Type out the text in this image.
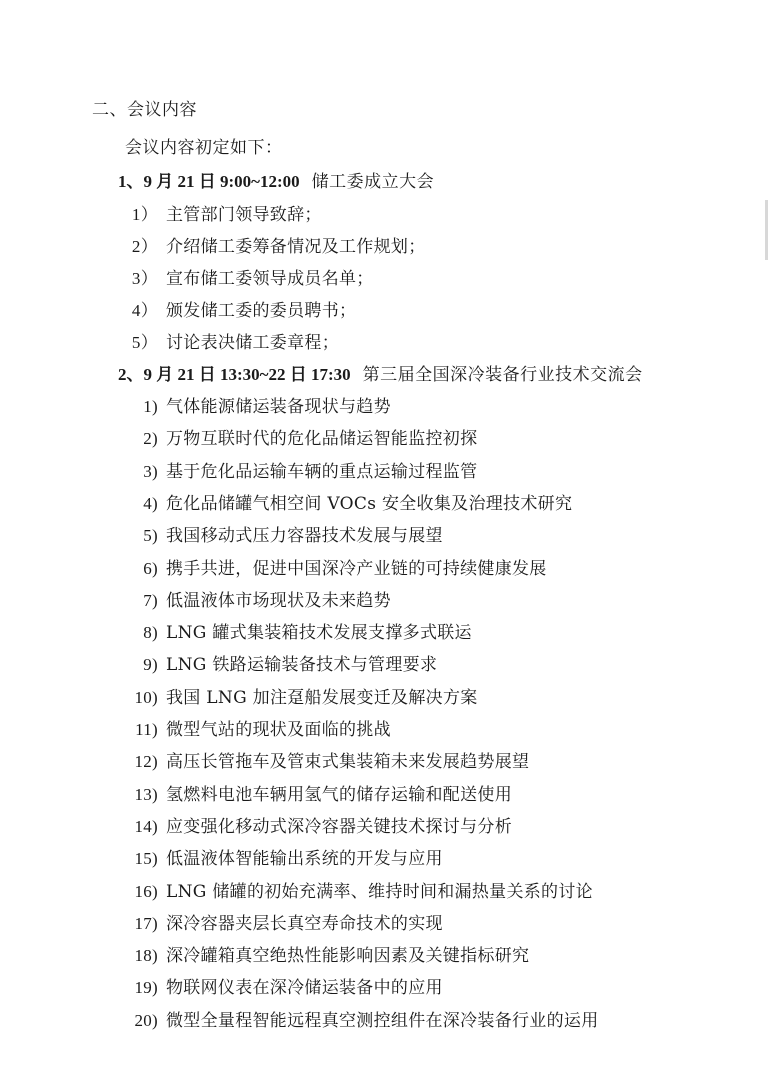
二、会议内容
会议内容初定如下：
1、9 月 21 日 9:00~12:00 储工委成立大会
1） 主管部门领导致辞；
2） 介绍储工委筹备情况及工作规划；
3） 宣布储工委领导成员名单；
4） 颁发储工委的委员聘书；
5） 讨论表决储工委章程；
2、9 月 21 日 13:30~22 日 17:30 第三届全国深冷装备行业技术交流会
1) 气体能源储运装备现状与趋势
2) 万物互联时代的危化品储运智能监控初探
3) 基于危化品运输车辆的重点运输过程监管
4) 危化品储罐气相空间 VOCs 安全收集及治理技术研究
5) 我国移动式压力容器技术发展与展望
6) 携手共进，促进中国深冷产业链的可持续健康发展
7) 低温液体市场现状及未来趋势
8) LNG 罐式集装箱技术发展支撑多式联运
9) LNG 铁路运输装备技术与管理要求
10) 我国 LNG 加注趸船发展变迁及解决方案
11) 微型气站的现状及面临的挑战
12) 高压长管拖车及管束式集装箱未来发展趋势展望
13) 氢燃料电池车辆用氢气的储存运输和配送使用
14) 应变强化移动式深冷容器关键技术探讨与分析
15) 低温液体智能输出系统的开发与应用
16) LNG 储罐的初始充满率、维持时间和漏热量关系的讨论
17) 深冷容器夹层长真空寿命技术的实现
18) 深冷罐箱真空绝热性能影响因素及关键指标研究
19) 物联网仪表在深冷储运装备中的应用
20) 微型全量程智能远程真空测控组件在深冷装备行业的运用
